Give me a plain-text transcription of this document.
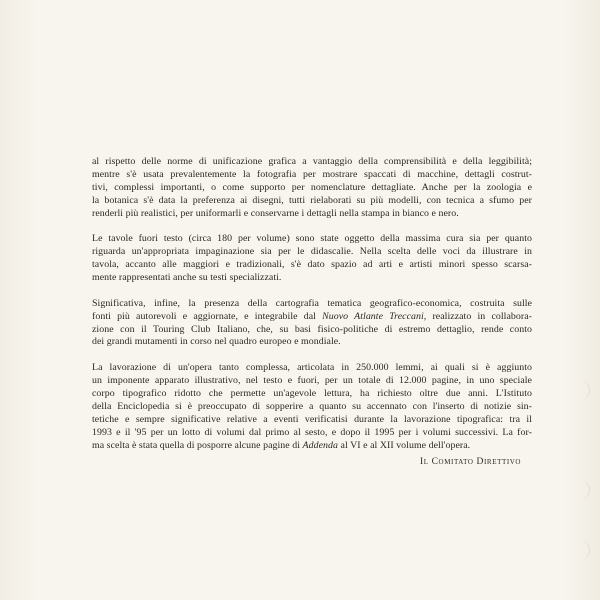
al rispetto delle norme di unificazione grafica a vantaggio della comprensibilità e della leggibilità;
mentre s'è usata prevalentemente la fotografia per mostrare spaccati di macchine, dettagli costrut-
tivi, complessi importanti, o come supporto per nomenclature dettagliate. Anche per la zoologia e
la botanica s'è data la preferenza ai disegni, tutti rielaborati su più modelli, con tecnica a sfumo per
renderli più realistici, per uniformarli e conservarne i dettagli nella stampa in bianco e nero.

Le tavole fuori testo (circa 180 per volume) sono state oggetto della massima cura sia per quanto
riguarda un'appropriata impaginazione sia per le didascalie. Nella scelta delle voci da illustrare in
tavola, accanto alle maggiori e tradizionali, s'è dato spazio ad arti e artisti minori spesso scarsa-
mente rappresentati anche su testi specializzati.

Significativa, infine, la presenza della cartografia tematica geografico-economica, costruita sulle
fonti più autorevoli e aggiornate, e integrabile dal Nuovo Atlante Treccani, realizzato in collabora-
zione con il Touring Club Italiano, che, su basi fisico-politiche di estremo dettaglio, rende conto
dei grandi mutamenti in corso nel quadro europeo e mondiale.

La lavorazione di un'opera tanto complessa, articolata in 250.000 lemmi, ai quali si è aggiunto
un imponente apparato illustrativo, nel testo e fuori, per un totale di 12.000 pagine, in uno speciale
corpo tipografico ridotto che permette un'agevole lettura, ha richiesto oltre due anni. L'Istituto
della Enciclopedia si è preoccupato di sopperire a quanto su accennato con l'inserto di notizie sin-
tetiche e sempre significative relative a eventi verificatisi durante la lavorazione tipografica: tra il
1993 e il '95 per un lotto di volumi dal primo al sesto, e dopo il 1995 per i volumi successivi. La for-
ma scelta è stata quella di posporre alcune pagine di Addenda al VI e al XII volume dell'opera.

Il Comitato Direttivo
